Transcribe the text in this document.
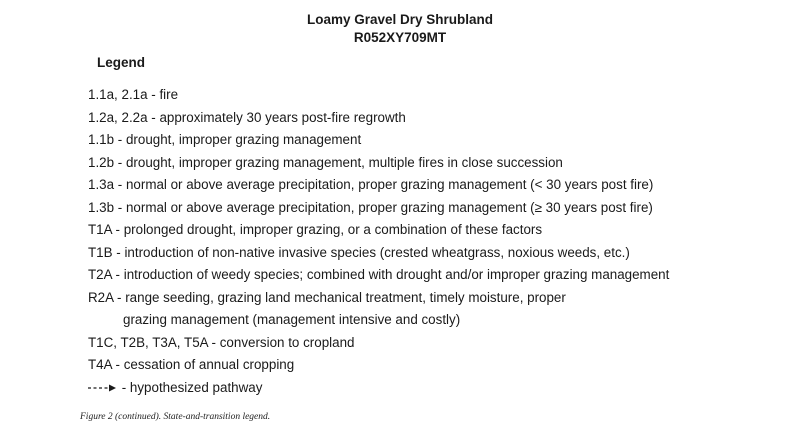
Loamy Gravel Dry Shrubland
R052XY709MT
Legend
1.1a, 2.1a - fire
1.2a, 2.2a - approximately 30 years post-fire regrowth
1.1b - drought, improper grazing management
1.2b - drought, improper grazing management, multiple fires in close succession
1.3a - normal or above average precipitation, proper grazing management (< 30 years post fire)
1.3b - normal or above average precipitation, proper grazing management (≥ 30 years post fire)
T1A - prolonged drought, improper grazing, or a combination of these factors
T1B - introduction of non-native invasive species (crested wheatgrass, noxious weeds, etc.)
T2A - introduction of weedy species; combined with drought and/or improper grazing management
R2A - range seeding, grazing land mechanical treatment, timely moisture, proper
grazing management (management intensive and costly)
T1C, T2B, T3A, T5A - conversion to cropland
T4A - cessation of annual cropping
- hypothesized pathway
Figure 2 (continued). State-and-transition legend.
